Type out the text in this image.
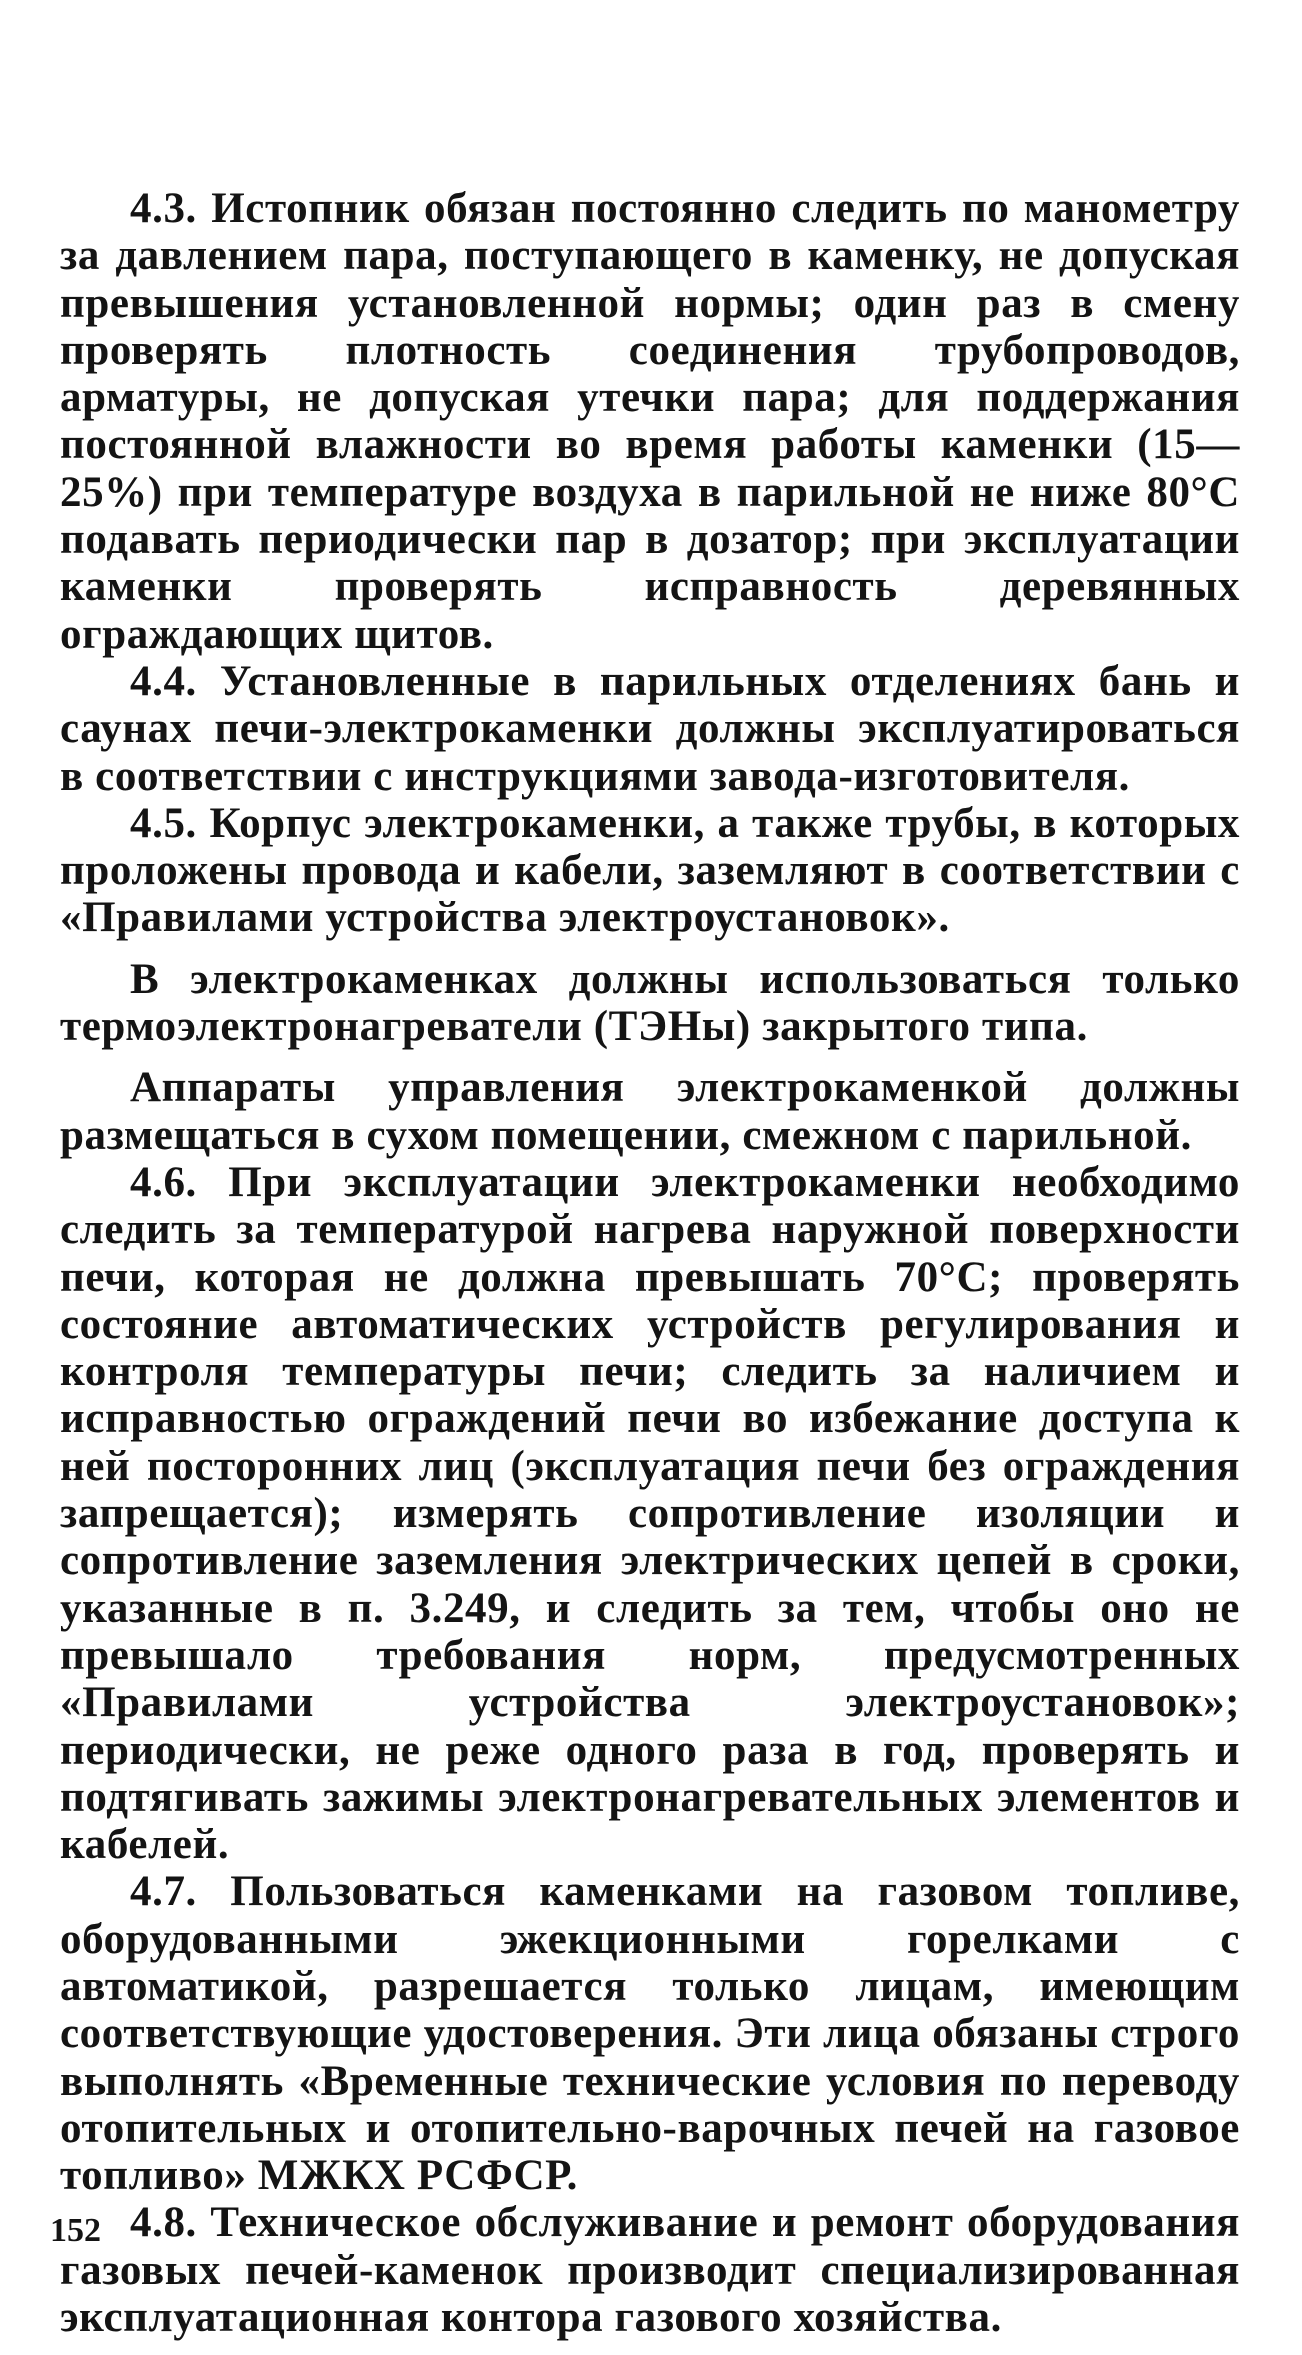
4.3. Истопник обязан постоянно следить по манометру за давлением пара, поступающего в каменку, не допуская превышения установленной нормы; один раз в смену проверять плотность соединения трубопроводов, арматуры, не допуская утечки пара; для поддержания постоянной влажности во время работы каменки (15—25%) при температуре воздуха в парильной не ниже 80°С подавать периодически пар в дозатор; при эксплуатации каменки проверять исправность деревянных ограждающих щитов.

4.4. Установленные в парильных отделениях бань и саунах печи-электрокаменки должны эксплуатироваться в соответствии с инструкциями завода-изготовителя.

4.5. Корпус электрокаменки, а также трубы, в которых проложены провода и кабели, заземляют в соответствии с «Правилами устройства электроустановок».

В электрокаменках должны использоваться только термоэлектронагреватели (ТЭНы) закрытого типа.

Аппараты управления электрокаменкой должны размещаться в сухом помещении, смежном с парильной.

4.6. При эксплуатации электрокаменки необходимо следить за температурой нагрева наружной поверхности печи, которая не должна превышать 70°С; проверять состояние автоматических устройств регулирования и контроля температуры печи; следить за наличием и исправностью ограждений печи во избежание доступа к ней посторонних лиц (эксплуатация печи без ограждения запрещается); измерять сопротивление изоляции и сопротивление заземления электрических цепей в сроки, указанные в п. 3.249, и следить за тем, чтобы оно не превышало требования норм, предусмотренных «Правилами устройства электроустановок»; периодически, не реже одного раза в год, проверять и подтягивать зажимы электронагревательных элементов и кабелей.

4.7. Пользоваться каменками на газовом топливе, оборудованными эжекционными горелками с автоматикой, разрешается только лицам, имеющим соответствующие удостоверения. Эти лица обязаны строго выполнять «Временные технические условия по переводу отопительных и отопительно-варочных печей на газовое топливо» МЖКХ РСФСР.

4.8. Техническое обслуживание и ремонт оборудования газовых печей-каменок производит специализированная эксплуатационная контора газового хозяйства.

152
